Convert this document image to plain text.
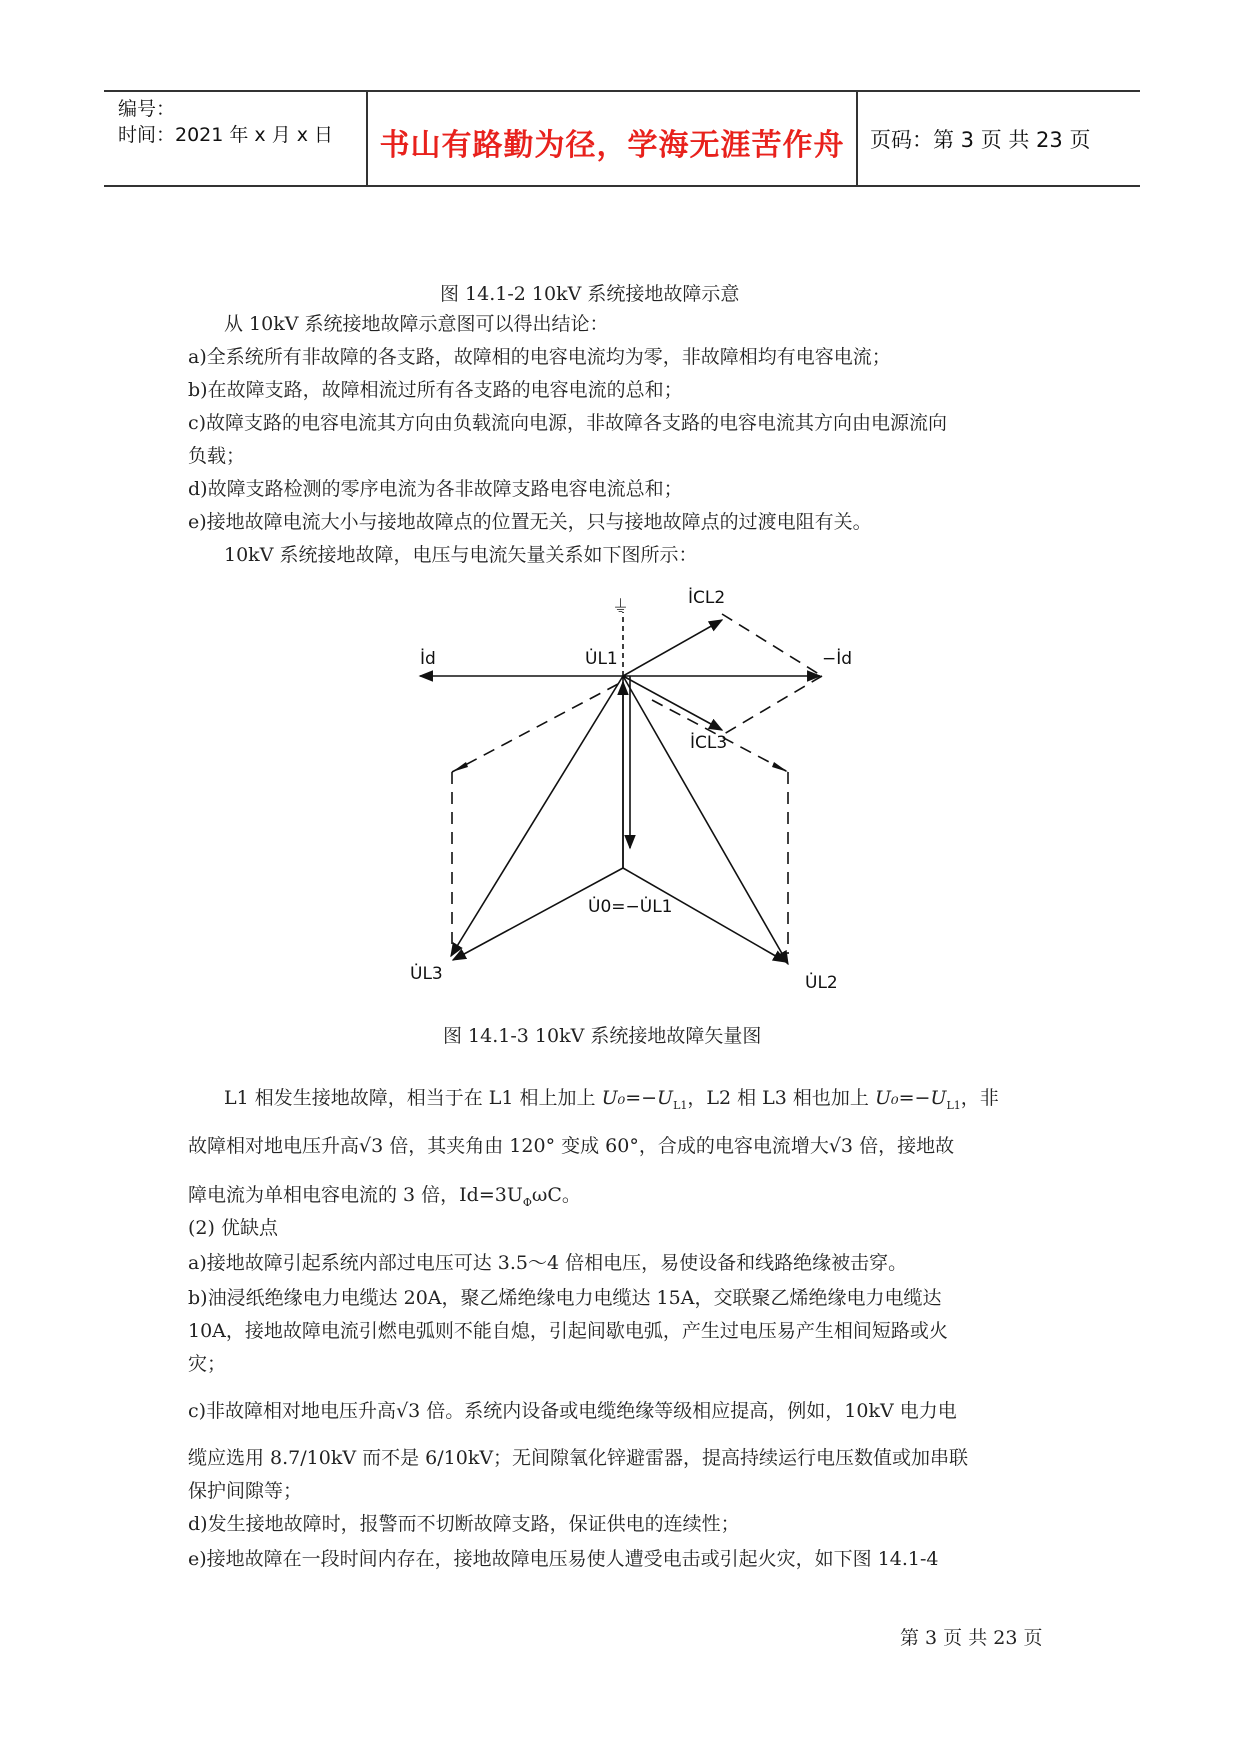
编号：
时间：2021 年 x 月 x 日	书山有路勤为径，学海无涯苦作舟	页码：第 3 页 共 23 页
图 14.1-2 10kV 系统接地故障示意
从 10kV 系统接地故障示意图可以得出结论：
a)全系统所有非故障的各支路，故障相的电容电流均为零，非故障相均有电容电流；
b)在故障支路，故障相流过所有各支路的电容电流的总和；
c)故障支路的电容电流其方向由负载流向电源，非故障各支路的电容电流其方向由电源流向
负载；
d)故障支路检测的零序电流为各非故障支路电容电流总和；
e)接地故障电流大小与接地故障点的位置无关，只与接地故障点的过渡电阻有关。
10kV 系统接地故障，电压与电流矢量关系如下图所示：
⏚
İd	−İd
U̇L1
İCL2
İCL3
U̇0=−U̇L1
U̇L3	U̇L2
图 14.1-3 10kV 系统接地故障矢量图
L1 相发生接地故障，相当于在 L1 相上加上 $U_0=-U_{L1}$，L2 相 L3 相也加上 $U_0=-U_{L1}$，非
故障相对地电压升高√3 倍，其夹角由 120° 变成 60°，合成的电容电流增大√3 倍，接地故
障电流为单相电容电流的 3 倍，$Id=3U_\Phi\omega C$。
(2) 优缺点
a)接地故障引起系统内部过电压可达 3.5～4 倍相电压，易使设备和线路绝缘被击穿。
b)油浸纸绝缘电力电缆达 20A，聚乙烯绝缘电力电缆达 15A，交联聚乙烯绝缘电力电缆达
10A，接地故障电流引燃电弧则不能自熄，引起间歇电弧，产生过电压易产生相间短路或火
灾；
c)非故障相对地电压升高√3 倍。系统内设备或电缆绝缘等级相应提高，例如，10kV 电力电
缆应选用 8.7/10kV 而不是 6/10kV；无间隙氧化锌避雷器，提高持续运行电压数值或加串联
保护间隙等；
d)发生接地故障时，报警而不切断故障支路，保证供电的连续性；
e)接地故障在一段时间内存在，接地故障电压易使人遭受电击或引起火灾，如下图 14.1-4
第 3 页 共 23 页
